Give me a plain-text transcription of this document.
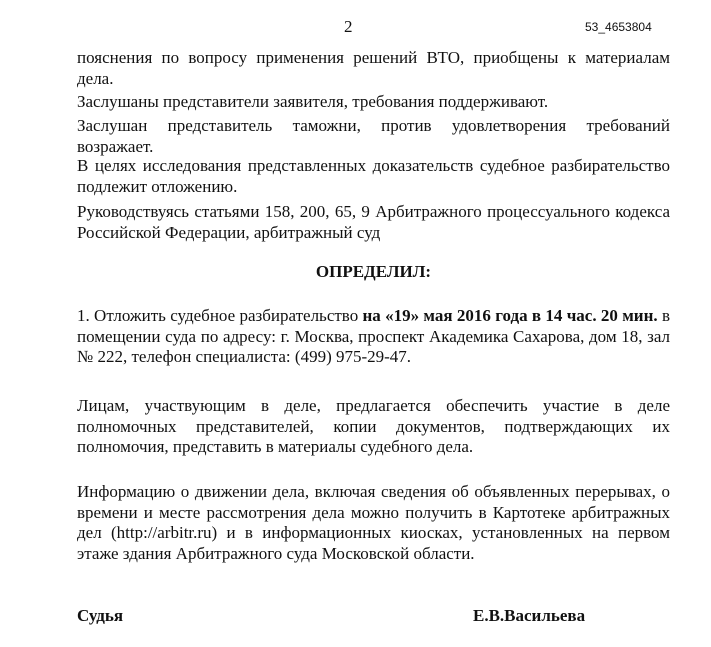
2	53_4653804

пояснения по вопросу применения решений ВТО, приобщены к материалам дела.

Заслушаны представители заявителя, требования поддерживают.

Заслушан представитель таможни, против удовлетворения требований возражает.

В целях исследования представленных доказательств судебное разбирательство подлежит отложению.

Руководствуясь статьями 158, 200, 65, 9 Арбитражного процессуального кодекса Российской Федерации, арбитражный суд

ОПРЕДЕЛИЛ:

1. Отложить судебное разбирательство на «19» мая 2016 года в 14 час. 20 мин. в помещении суда по адресу: г. Москва, проспект Академика Сахарова, дом 18, зал № 222, телефон специалиста: (499) 975-29-47.

Лицам, участвующим в деле, предлагается обеспечить участие в деле полномочных представителей, копии документов, подтверждающих их полномочия, представить в материалы судебного дела.

Информацию о движении дела, включая сведения об объявленных перерывах, о времени и месте рассмотрения дела можно получить в Картотеке арбитражных дел (http://arbitr.ru) и в информационных киосках, установленных на первом этаже здания Арбитражного суда Московской области.

Судья	Е.В.Васильева
